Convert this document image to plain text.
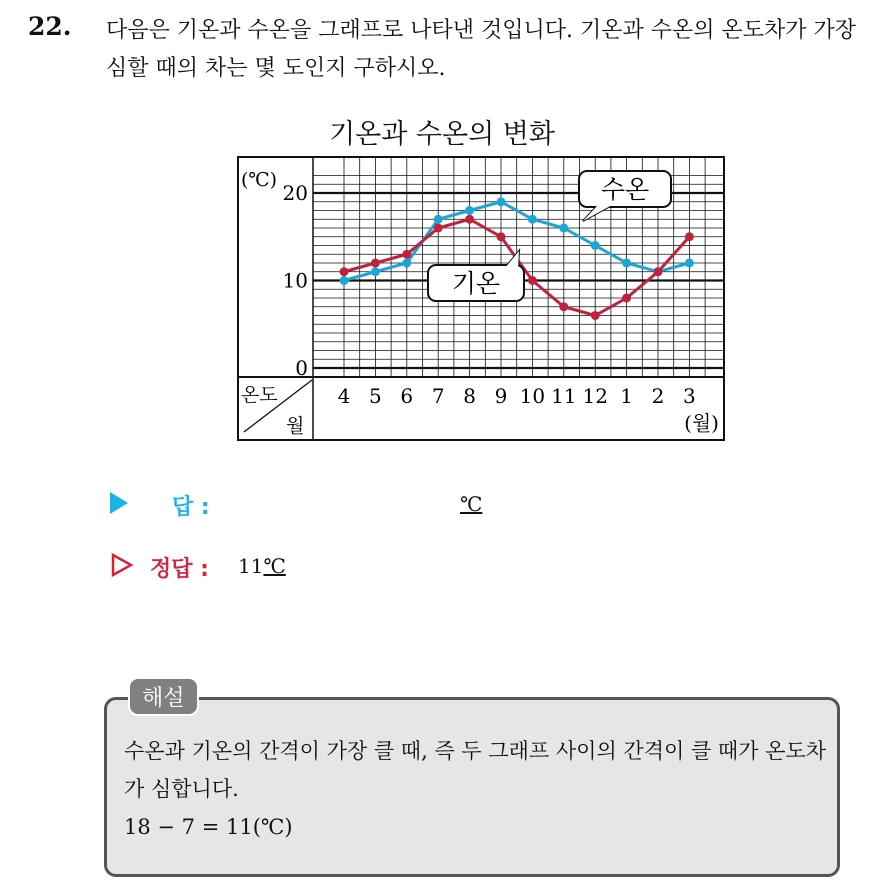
22. 다음은 기온과 수온을 그래프로 나타낸 것입니다. 기온과 수온의 온도차가 가장 심할 때의 차는 몇 도인지 구하시오.
기온과 수온의 변화
(℃)
0
10
20
온도
월
4 5 6 7 8 9 10 11 12 1 2 3
(월)
수온
기온
답 :	℃
정답 : 11℃
해설
수온과 기온의 간격이 가장 클 때, 즉 두 그래프 사이의 간격이 클 때가 온도차가 심합니다.
18 − 7 = 11(℃)
